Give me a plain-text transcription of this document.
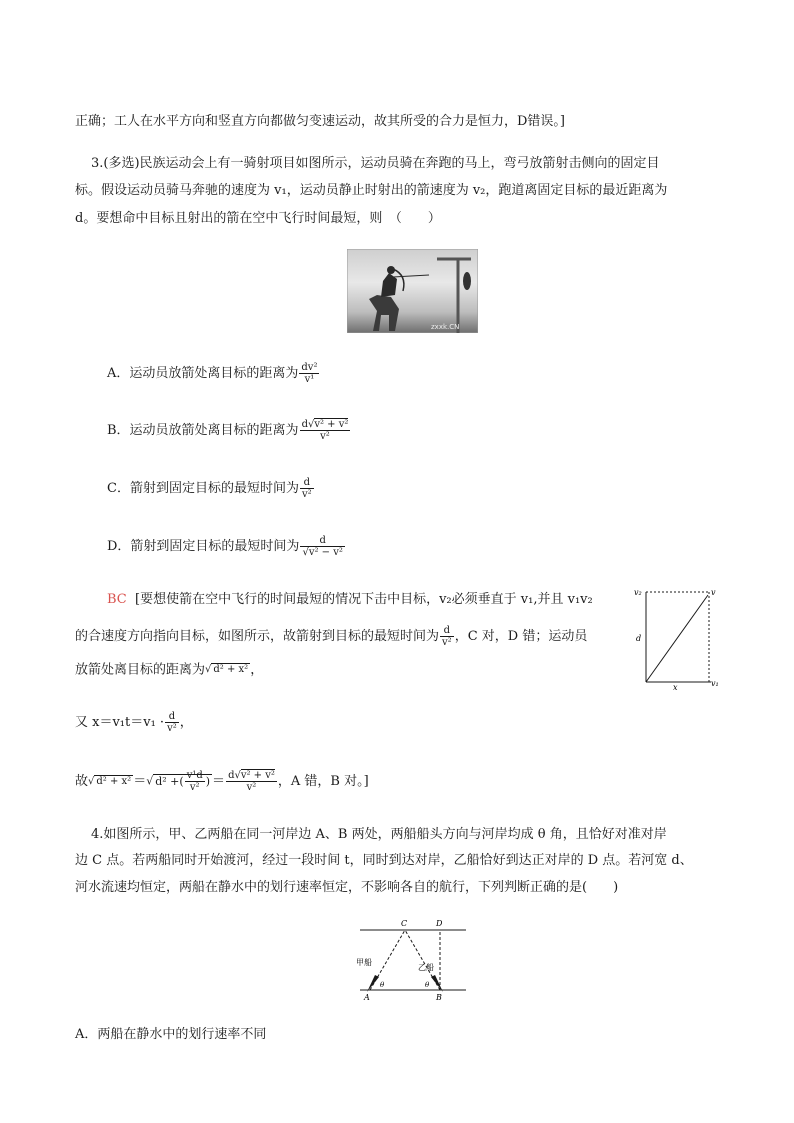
正确；工人在水平方向和竖直方向都做匀变速运动，故其所受的合力是恒力，D错误。]
3.(多选)民族运动会上有一骑射项目如图所示，运动员骑在奔跑的马上，弯弓放箭射击侧向的固定目
标。假设运动员骑马奔驰的速度为 v₁，运动员静止时射出的箭速度为 v₂，跑道离固定目标的最近距离为
d。要想命中目标且射出的箭在空中飞行时间最短，则　（　　）
zxxk.CN
A．运动员放箭处离目标的距离为 $\frac{\text{dv²}}{\text{v¹}}$
B．运动员放箭处离目标的距离为 $\frac{\text{d√v² + v²}}{\text{v²}}$
C．箭射到固定目标的最短时间为 $\frac{d}{\text{v²}}$
D．箭射到固定目标的最短时间为 $\frac{d}{\text{√v² − v²}}$
BC [要想使箭在空中飞行的时间最短的情况下击中目标，v₂必须垂直于 v₁,并且 v₁v₂
的合速度方向指向目标，如图所示，故箭射到目标的最短时间为 $\frac{d}{\text{v²}}$ ，C 对，D 错；运动员
放箭处离目标的距离为√ d² + x² ，
又 $x=v_1t=v_1 \cdot \frac{d}{\text{v²}}$ ，
故√ d² + x² ＝√ d² +( $\frac{\text{v¹d}}{\text{v²}}$ ) ＝ $\frac{\text{d√v² + v²}}{\text{v²}}$ ，A 错，B 对。]
v₂	v
d
x	v₁
4.如图所示，甲、乙两船在同一河岸边 A、B 两处，两船船头方向与河岸均成 θ 角，且恰好对准对岸
边 C 点。若两船同时开始渡河，经过一段时间 t，同时到达对岸，乙船恰好到达正对岸的 D 点。若河宽 d、
河水流速均恒定，两船在静水中的划行速率恒定，不影响各自的航行，下列判断正确的是(　　)
C	D
甲船
乙船
θ	θ
A	B
A．两船在静水中的划行速率不同
